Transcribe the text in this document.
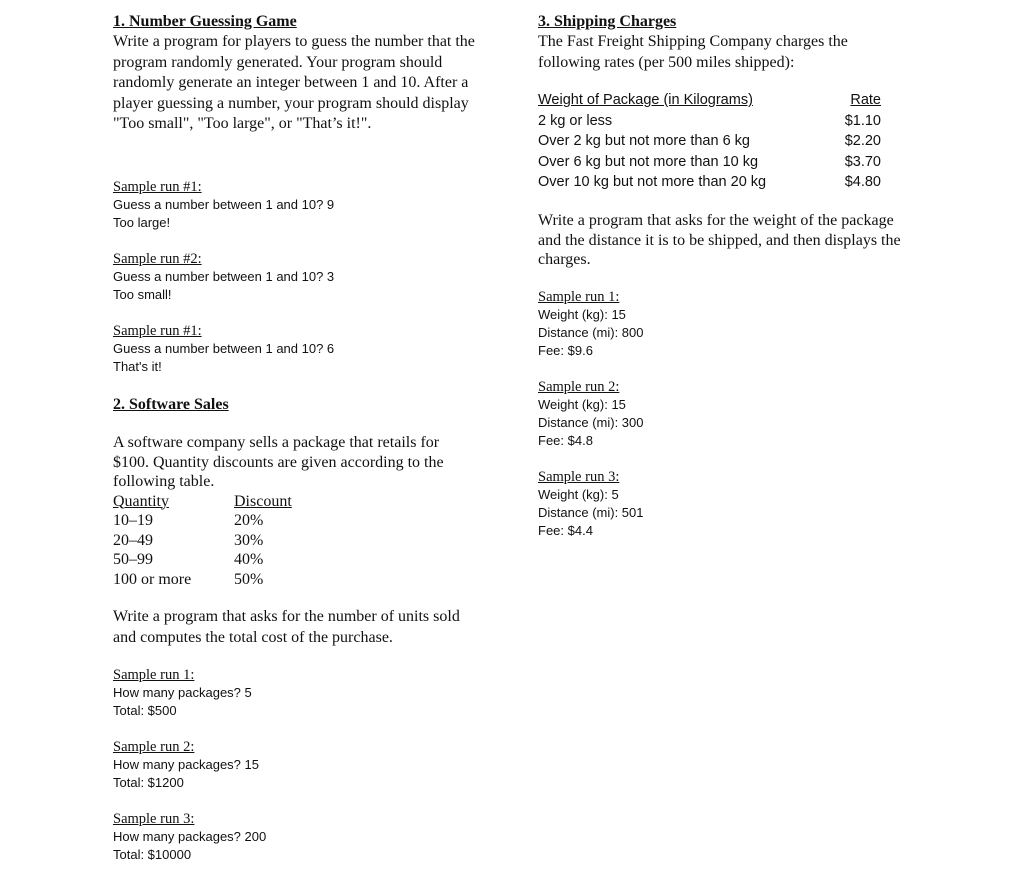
1. Number Guessing Game

Write a program for players to guess the number that the program randomly generated. Your program should randomly generate an integer between 1 and 10. After a player guessing a number, your program should display "Too small", "Too large", or "That’s it!".

Sample run #1:
Guess a number between 1 and 10? 9
Too large!
Sample run #2:
Guess a number between 1 and 10? 3
Too small!
Sample run #1:
Guess a number between 1 and 10? 6
That's it!
2. Software Sales

A software company sells a package that retails for $100. Quantity discounts are given according to the following table.

Quantity	Discount
10–19	20%
20–49	30%
50–99	40%
100 or more	50%

Write a program that asks for the number of units sold and computes the total cost of the purchase.

Sample run 1:
How many packages? 5
Total: $500
Sample run 2:
How many packages? 15
Total: $1200
Sample run 3:
How many packages? 200
Total: $10000
3. Shipping Charges

The Fast Freight Shipping Company charges the following rates (per 500 miles shipped):

Weight of Package (in Kilograms)	Rate
2 kg or less	$1.10
Over 2 kg but not more than 6 kg	$2.20
Over 6 kg but not more than 10 kg	$3.70
Over 10 kg but not more than 20 kg	$4.80

Write a program that asks for the weight of the package and the distance it is to be shipped, and then displays the charges.

Sample run 1:
Weight (kg): 15
Distance (mi): 800
Fee: $9.6
Sample run 2:
Weight (kg): 15
Distance (mi): 300
Fee: $4.8
Sample run 3:
Weight (kg): 5
Distance (mi): 501
Fee: $4.4
